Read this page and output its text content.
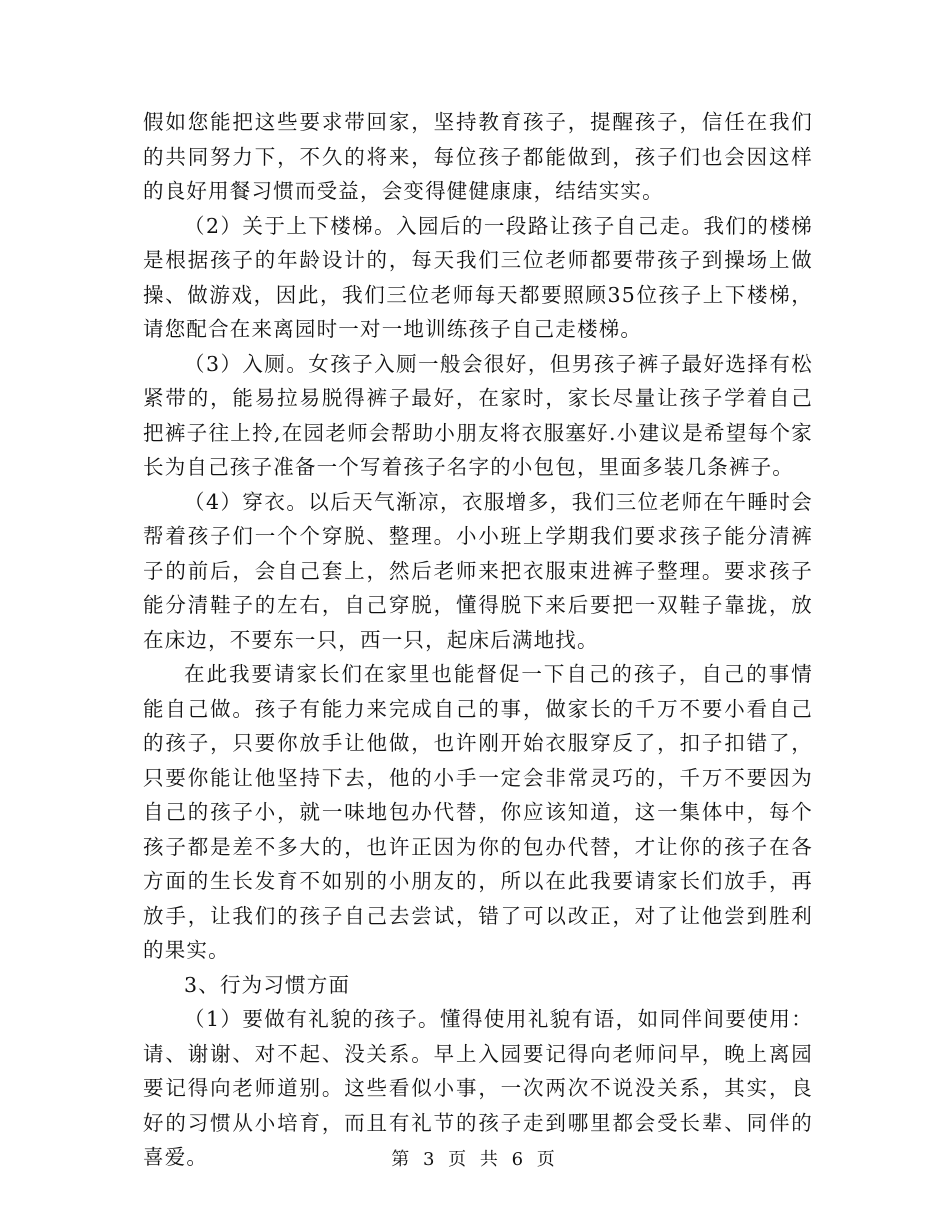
假如您能把这些要求带回家，坚持教育孩子，提醒孩子，信任在我们的共同努力下，不久的将来，每位孩子都能做到，孩子们也会因这样的良好用餐习惯而受益，会变得健健康康，结结实实。

（2）关于上下楼梯。入园后的一段路让孩子自己走。我们的楼梯是根据孩子的年龄设计的，每天我们三位老师都要带孩子到操场上做操、做游戏，因此，我们三位老师每天都要照顾35位孩子上下楼梯，请您配合在来离园时一对一地训练孩子自己走楼梯。

（3）入厕。女孩子入厕一般会很好，但男孩子裤子最好选择有松紧带的，能易拉易脱得裤子最好，在家时，家长尽量让孩子学着自己把裤子往上拎,在园老师会帮助小朋友将衣服塞好.小建议是希望每个家长为自己孩子准备一个写着孩子名字的小包包，里面多装几条裤子。

（4）穿衣。以后天气渐凉，衣服增多，我们三位老师在午睡时会帮着孩子们一个个穿脱、整理。小小班上学期我们要求孩子能分清裤子的前后，会自己套上，然后老师来把衣服束进裤子整理。要求孩子能分清鞋子的左右，自己穿脱，懂得脱下来后要把一双鞋子靠拢，放在床边，不要东一只，西一只，起床后满地找。

在此我要请家长们在家里也能督促一下自己的孩子，自己的事情能自己做。孩子有能力来完成自己的事，做家长的千万不要小看自己的孩子，只要你放手让他做，也许刚开始衣服穿反了，扣子扣错了，只要你能让他坚持下去，他的小手一定会非常灵巧的，千万不要因为自己的孩子小，就一味地包办代替，你应该知道，这一集体中，每个孩子都是差不多大的，也许正因为你的包办代替，才让你的孩子在各方面的生长发育不如别的小朋友的，所以在此我要请家长们放手，再放手，让我们的孩子自己去尝试，错了可以改正，对了让他尝到胜利的果实。

3、行为习惯方面

（1）要做有礼貌的孩子。懂得使用礼貌有语，如同伴间要使用：请、谢谢、对不起、没关系。早上入园要记得向老师问早，晚上离园要记得向老师道别。这些看似小事，一次两次不说没关系，其实，良好的习惯从小培育，而且有礼节的孩子走到哪里都会受长辈、同伴的喜爱。	第 3 页 共 6 页
